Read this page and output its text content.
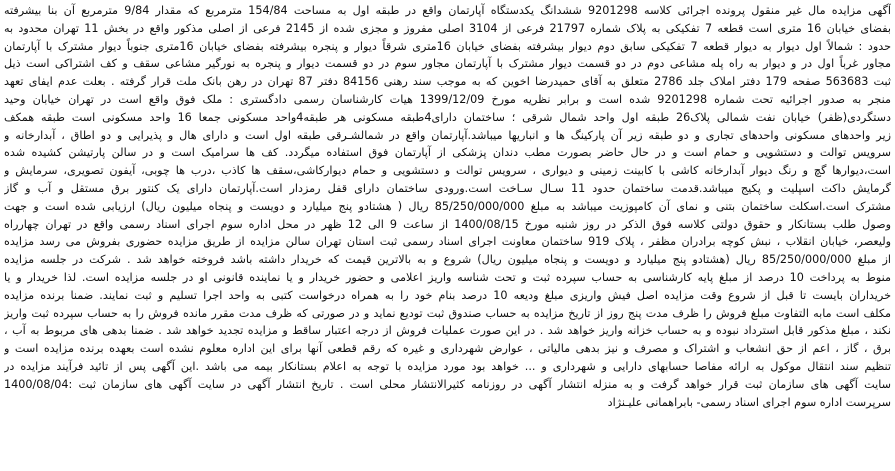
آگهی مزایده مال غیر منقول پرونده اجرائی کلاسه 9201298 ششدانگ یکدستگاه آپارتمان واقع در طبقه اول به مساحت 154/84 مترمربع که مقدار 9/84 مترمربع آن بنا بیشرفته
بفضای خیابان 16 متری است قطعه 7 تفکیکی به پلاک شماره 21797 فرعی از 3104 اصلی مفروز و مجزی شده از 2145 فرعی از اصلی مذکور واقع در بخش 11 تهران محدود به
حدود : شمالاً اول دیوار به دیوار قطعه 7 تفکیکی سابق دوم دیوار بیشرفته بفضای خیابان 16متری شرقاً دیوار و پنجره بیشرفته بفضای خیابان 16متری جنوباً دیوار مشترک با آپارتمان
مجاور غرباً اول در و دیوار به راه پله مشاعی دوم در دو قسمت دیوار مشترک با آپارتمان مجاور سوم در دو قسمت دیوار و پنجره به نورگیر مشاعی سقف و کف اشتراکی است ذیل
ثبت 563683 صفحه 179 دفتر املاک جلد 2786 متعلق به آقای حمیدرضا اخوین که به موجب سند رهنی 84156 دفتر 87 تهران در رهن بانک ملت قرار گرفته . بعلت عدم ایفای تعهد
منجر به صدور اجرائیه تحت شماره 9201298 شده است و برابر نظریه مورخ 1399/12/09 هیات کارشناسان رسمی دادگستری : ملک فوق واقع است در تهران خیابان وحید
دستگردی(ظفر) خیابان نفت شمالی پلاک26 طبقه اول واحد شمال شرقی ؛ ساختمان دارای4طبقه مسکونی هر طبقه4واحد مسکونی جمعا 16 واحد مسکونی است طبقه همکف
زیر واحدهای مسکونی واحدهای تجاری و دو طبقه زیر آن پارکینگ ها و انباریها میباشد.آپارتمان واقع در شمالشـرقی طبقه اول است و دارای هال و پذیرایی و دو اطاق ، آبدارخانه و
سرویس توالت و دستشویی و حمام است و در حال حاضر بصورت مطب دندان پزشکی از آپارتمان فوق استفاده میگردد. کف ها سرامیک است و در سالن پارتیشن کشیده شده
است،دیوارها گچ و رنگ دیوار آبدارخانه کاشی با کابینت زمینی و دیواری ، سرویس توالت و دستشویی و حمام دیوارکاشی،سقف ها کاذب ،درب ها چوبی، آیفون تصویری، سرمایش و
گرمایش داکت اسپلیت و پکیج میباشد.قدمت ساختمان حدود 11 سـال سـاخت است.ورودی ساختمان دارای قفل رمزدار است.آپارتمان دارای یک کنتور برق مستقل و آب و گاز
مشترک است.اسکلت ساختمان بتنی و نمای آن کامپوزیت میباشد به مبلغ 85/250/000/000 ریال ( هشتادو پنج میلیارد و دویست و پنجاه میلیون ریال) ارزیابی شده است و جهت
وصول طلب بستانکار و حقوق دولتی کلاسه فوق الذکر در روز شنبه مورخ 1400/08/15 از ساعت 9 الی 12 ظهر در محل اداره سوم اجرای اسناد رسمی واقع در تهران چهارراه
ولیعصر، خیابان انقلاب ، نبش کوچه برادران مظفر ، پلاک 919 ساختمان معاونت اجرای اسناد رسمی ثبت استان تهران سالن مزایده از طریق مزایده حضوری بفروش می رسد مزایده
از مبلغ 85/250/000/000 ریال (هشتادو پنج میلیارد و دویست و پنجاه میلیون ریال) شروع و به بالاترین قیمت که خریدار داشته باشد فروخته خواهد شد . شرکت در جلسه مزایده
منوط به پرداخت 10 درصد از مبلغ پایه کارشناسی به حساب سپرده ثبت و تحت شناسه واریز اعلامی و حضور خریدار و یا نماینده قانونی او در جلسه مزایده است. لذا خریدار و یا
خریداران بایست تا قبل از شروع وقت مزایده اصل فیش واریزی مبلغ ودیعه 10 درصد بنام خود را به همراه درخواست کتبی به واحد اجرا تسلیم و ثبت نمایند. ضمنا برنده مزایده
مکلف است مابه التفاوت مبلغ فروش را ظرف مدت پنج روز از تاریخ مزایده به حساب صندوق ثبت تودیع نماید و در صورتی که ظرف مدت مقرر مانده فروش را به حساب سپرده ثبت واریز
نکند ، مبلغ مذکور قابل استرداد نبوده و به حساب خزانه واریز خواهد شد . در این صورت عملیات فروش از درجه اعتبار ساقط و مزایده تجدید خواهد شد . ضمنا بدهی های مربوط به آب ،
برق ، گاز ، اعم از حق انشعاب و اشتراک و مصرف و نیز بدهی مالیاتی ، عوارض شهرداری و غیره که رقم قطعی آنها برای این اداره معلوم نشده است بعهده برنده مزایده است و
تنظیم سند انتقال موکول به ارائه مفاصا حسابهای دارایی و شهرداری و ... خواهد بود مورد مزایده با توجه به اعلام بستانکار بیمه می باشد .این آگهی پس از تائید فرآیند مزایده در
سایت آگهی های سازمان ثبت قرار خواهد گرفت و به منزله انتشار آگهی در روزنامه کثیرالانتشار محلی است . تاریخ انتشار آگهی در سایت آگهی های سازمان ثبت :1400/08/04
سرپرست اداره سوم اجرای اسناد رسمی- بابراهمانی علیـنژاد
